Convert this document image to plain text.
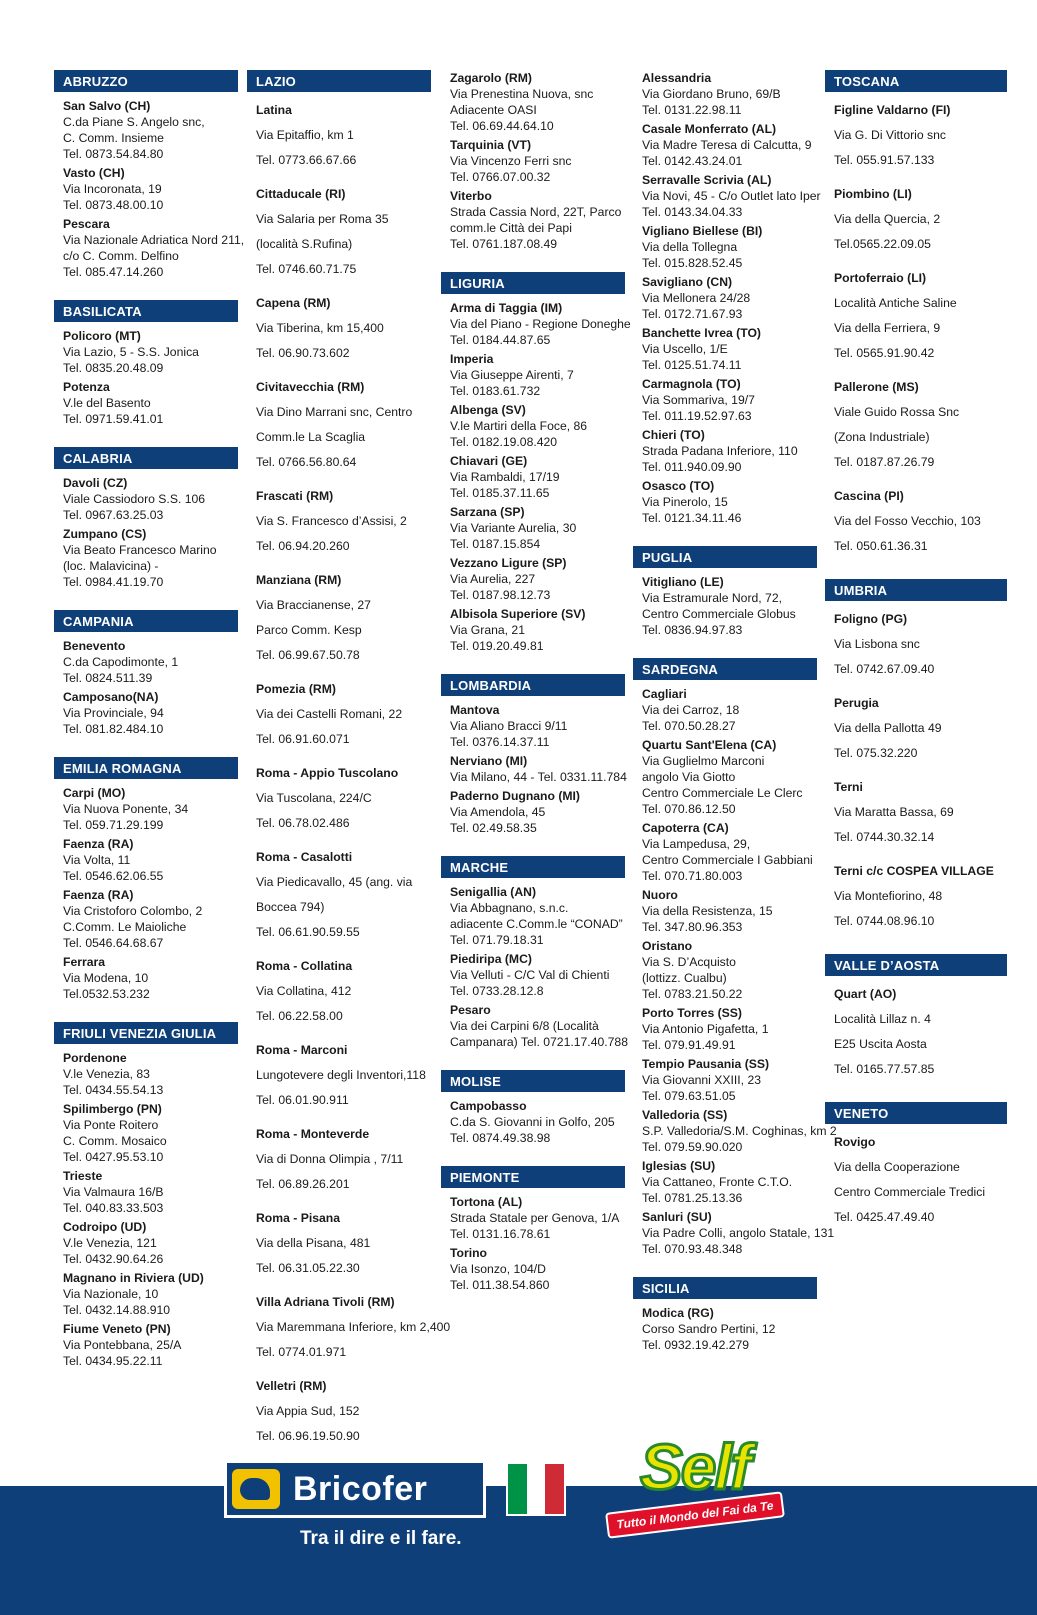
ABRUZZO
San Salvo (CH)
C.da Piane S. Angelo snc,
C. Comm. Insieme
Tel. 0873.54.84.80
Vasto (CH)
Via Incoronata, 19
Tel. 0873.48.00.10
Pescara
Via Nazionale Adriatica Nord 211,
c/o C. Comm. Delfino
Tel. 085.47.14.260
BASILICATA
Policoro (MT)
Via Lazio, 5 - S.S. Jonica
Tel. 0835.20.48.09
Potenza
V.le del Basento
Tel. 0971.59.41.01
CALABRIA
Davoli (CZ)
Viale Cassiodoro S.S. 106
Tel. 0967.63.25.03
Zumpano (CS)
Via Beato Francesco Marino
(loc. Malavicina) -
Tel. 0984.41.19.70
CAMPANIA
Benevento
C.da Capodimonte, 1
Tel. 0824.511.39
Camposano(NA)
Via Provinciale, 94
Tel. 081.82.484.10
EMILIA ROMAGNA
Carpi (MO)
Via Nuova Ponente, 34
Tel. 059.71.29.199
Faenza (RA)
Via Volta, 11
Tel. 0546.62.06.55
Faenza (RA)
Via Cristoforo Colombo, 2
C.Comm. Le Maioliche
Tel. 0546.64.68.67
Ferrara
Via Modena, 10
Tel.0532.53.232
FRIULI VENEZIA GIULIA
Pordenone
V.le Venezia, 83
Tel. 0434.55.54.13
Spilimbergo (PN)
Via Ponte Roitero
C. Comm. Mosaico
Tel. 0427.95.53.10
Trieste
Via Valmaura 16/B
Tel. 040.83.33.503
Codroipo (UD)
V.le Venezia, 121
Tel. 0432.90.64.26
Magnano in Riviera (UD)
Via Nazionale, 10
Tel. 0432.14.88.910
Fiume Veneto (PN)
Via Pontebbana, 25/A
Tel. 0434.95.22.11
LAZIO
Latina
Via Epitaffio, km 1
Tel. 0773.66.67.66
Cittaducale (RI)
Via Salaria per Roma 35
(località S.Rufina)
Tel. 0746.60.71.75
Capena (RM)
Via Tiberina, km 15,400
Tel. 06.90.73.602
Civitavecchia (RM)
Via Dino Marrani snc, Centro
Comm.le La Scaglia
Tel. 0766.56.80.64
Frascati (RM)
Via S. Francesco d’Assisi, 2
Tel. 06.94.20.260
Manziana (RM)
Via Braccianense, 27
Parco Comm. Kesp
Tel. 06.99.67.50.78
Pomezia (RM)
Via dei Castelli Romani, 22
Tel. 06.91.60.071
Roma - Appio Tuscolano
Via Tuscolana, 224/C
Tel. 06.78.02.486
Roma - Casalotti
Via Piedicavallo, 45 (ang. via
Boccea 794)
Tel. 06.61.90.59.55
Roma - Collatina
Via Collatina, 412
Tel. 06.22.58.00
Roma - Marconi
Lungotevere degli Inventori,118
Tel. 06.01.90.911
Roma - Monteverde
Via di Donna Olimpia , 7/11
Tel. 06.89.26.201
Roma - Pisana
Via della Pisana, 481
Tel. 06.31.05.22.30
Villa Adriana Tivoli (RM)
Via Maremmana Inferiore, km 2,400
Tel. 0774.01.971
Velletri (RM)
Via Appia Sud, 152
Tel. 06.96.19.50.90
Zagarolo (RM)
Via Prenestina Nuova, snc
Adiacente OASI
Tel. 06.69.44.64.10
Tarquinia (VT)
Via Vincenzo Ferri snc
Tel. 0766.07.00.32
Viterbo
Strada Cassia Nord, 22T, Parco
comm.le Città dei Papi
Tel. 0761.187.08.49
LIGURIA
Arma di Taggia (IM)
Via del Piano - Regione Doneghe
Tel. 0184.44.87.65
Imperia
Via Giuseppe Airenti, 7
Tel. 0183.61.732
Albenga (SV)
V.le Martiri della Foce, 86
Tel. 0182.19.08.420
Chiavari (GE)
Via Rambaldi, 17/19
Tel. 0185.37.11.65
Sarzana (SP)
Via Variante Aurelia, 30
Tel. 0187.15.854
Vezzano Ligure (SP)
Via Aurelia, 227
Tel. 0187.98.12.73
Albisola Superiore (SV)
Via Grana, 21
Tel. 019.20.49.81
LOMBARDIA
Mantova
Via Aliano Bracci 9/11
Tel. 0376.14.37.11
Nerviano (MI)
Via Milano, 44 - Tel. 0331.11.784
Paderno Dugnano (MI)
Via Amendola, 45
Tel. 02.49.58.35
MARCHE
Senigallia (AN)
Via Abbagnano, s.n.c.
adiacente C.Comm.le “CONAD”
Tel. 071.79.18.31
Piediripa (MC)
Via Velluti - C/C Val di Chienti
Tel. 0733.28.12.8
Pesaro
Via dei Carpini 6/8 (Località
Campanara) Tel. 0721.17.40.788
MOLISE
Campobasso
C.da S. Giovanni in Golfo, 205
Tel. 0874.49.38.98
PIEMONTE
Tortona (AL)
Strada Statale per Genova, 1/A
Tel. 0131.16.78.61
Torino
Via Isonzo, 104/D
Tel. 011.38.54.860
Alessandria
Via Giordano Bruno, 69/B
Tel. 0131.22.98.11
Casale Monferrato (AL)
Via Madre Teresa di Calcutta, 9
Tel. 0142.43.24.01
Serravalle Scrivia (AL)
Via Novi, 45 - C/o Outlet lato Iper
Tel. 0143.34.04.33
Vigliano Biellese (BI)
Via della Tollegna
Tel. 015.828.52.45
Savigliano (CN)
Via Mellonera 24/28
Tel. 0172.71.67.93
Banchette Ivrea (TO)
Via Uscello, 1/E
Tel. 0125.51.74.11
Carmagnola (TO)
Via Sommariva, 19/7
Tel. 011.19.52.97.63
Chieri (TO)
Strada Padana Inferiore, 110
Tel. 011.940.09.90
Osasco (TO)
Via Pinerolo, 15
Tel. 0121.34.11.46
PUGLIA
Vitigliano (LE)
Via Estramurale Nord, 72,
Centro Commerciale Globus
Tel. 0836.94.97.83
SARDEGNA
Cagliari
Via dei Carroz, 18
Tel. 070.50.28.27
Quartu Sant'Elena (CA)
Via Guglielmo Marconi
angolo Via Giotto
Centro Commerciale Le Clerc
Tel. 070.86.12.50
Capoterra (CA)
Via Lampedusa, 29,
Centro Commerciale I Gabbiani
Tel. 070.71.80.003
Nuoro
Via della Resistenza, 15
Tel. 347.80.96.353
Oristano
Via S. D’Acquisto
(lottizz. Cualbu)
Tel. 0783.21.50.22
Porto Torres (SS)
Via Antonio Pigafetta, 1
Tel. 079.91.49.91
Tempio Pausania (SS)
Via Giovanni XXIII, 23
Tel. 079.63.51.05
Valledoria (SS)
S.P. Valledoria/S.M. Coghinas, km 2
Tel. 079.59.90.020
Iglesias (SU)
Via Cattaneo, Fronte C.T.O.
Tel. 0781.25.13.36
Sanluri (SU)
Via Padre Colli, angolo Statale, 131
Tel. 070.93.48.348
SICILIA
Modica (RG)
Corso Sandro Pertini, 12
Tel. 0932.19.42.279
TOSCANA
Figline Valdarno (FI)
Via G. Di Vittorio snc
Tel. 055.91.57.133
Piombino (LI)
Via della Quercia, 2
Tel.0565.22.09.05
Portoferraio (LI)
Località Antiche Saline
Via della Ferriera, 9
Tel. 0565.91.90.42
Pallerone (MS)
Viale Guido Rossa Snc
(Zona Industriale)
Tel. 0187.87.26.79
Cascina (PI)
Via del Fosso Vecchio, 103
Tel. 050.61.36.31
UMBRIA
Foligno (PG)
Via Lisbona snc
Tel. 0742.67.09.40
Perugia
Via della Pallotta 49
Tel. 075.32.220
Terni
Via Maratta Bassa, 69
Tel. 0744.30.32.14
Terni c/c COSPEA VILLAGE
Via Montefiorino, 48
Tel. 0744.08.96.10
VALLE D’AOSTA
Quart (AO)
Località Lillaz n. 4
E25 Uscita Aosta
Tel. 0165.77.57.85
VENETO
Rovigo
Via della Cooperazione
Centro Commerciale Tredici
Tel. 0425.47.49.40
Bricofer
Tra il dire e il fare.
Self
Tutto il Mondo del Fai da Te
